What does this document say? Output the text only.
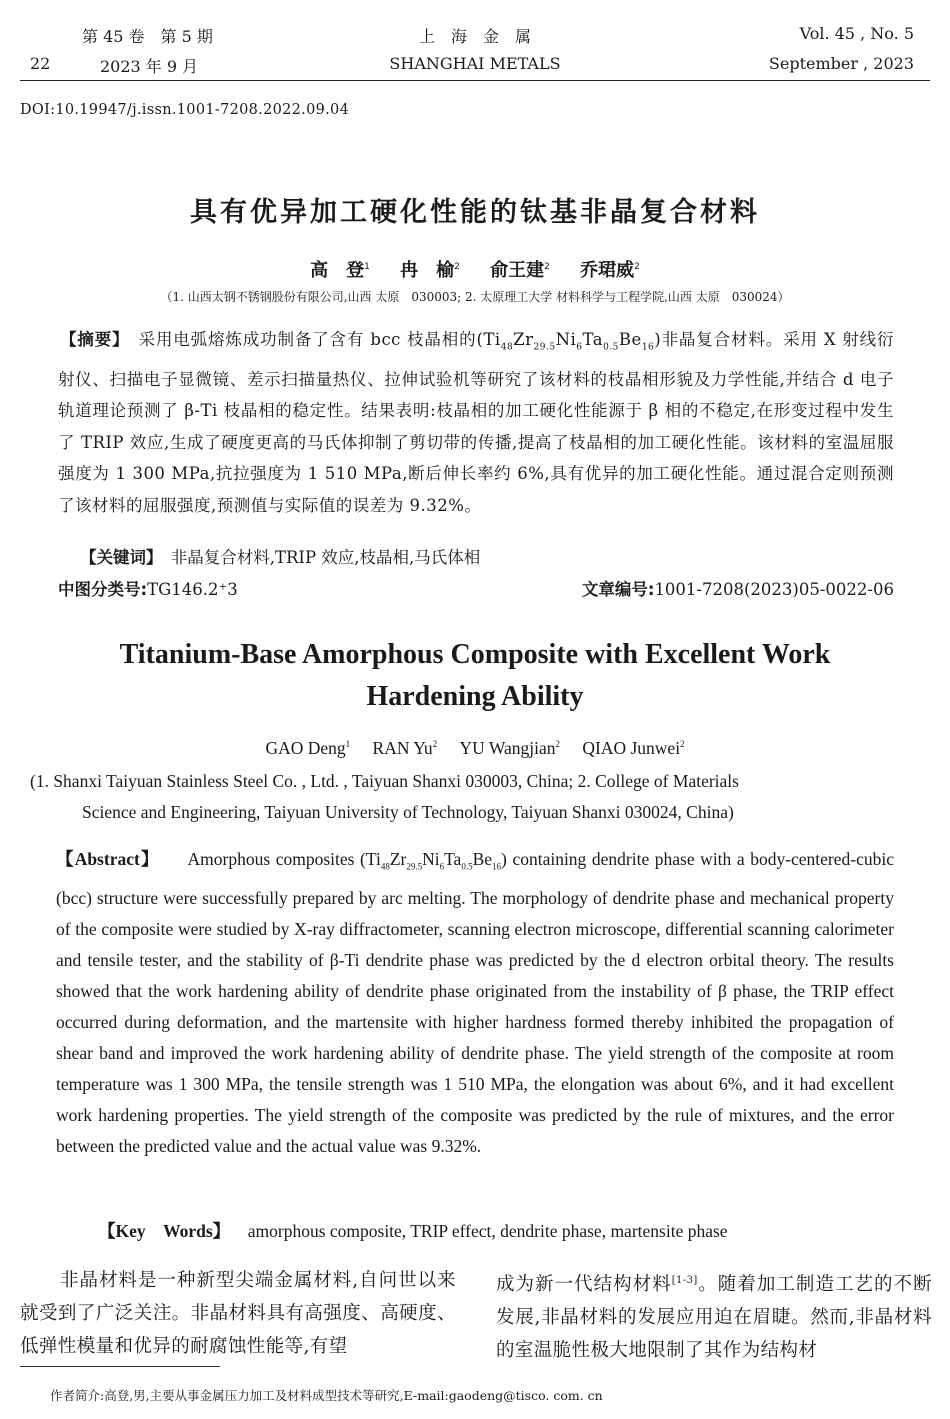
第 45 卷　第 5 期
22	2023 年 9 月
上　海　金　属
SHANGHAI METALS
Vol. 45 , No. 5
September , 2023
DOI:10.19947/j.issn.1001-7208.2022.09.04
具有优异加工硬化性能的钛基非晶复合材料
高　登$^1$ 冉　榆$^2$ 俞王建$^2$ 乔珺威$^2$
（1. 山西太钢不锈钢股份有限公司,山西 太原　030003; 2. 太原理工大学 材料科学与工程学院,山西 太原　030024）
【摘要】　 采用电弧熔炼成功制备了含有 bcc 枝晶相的$(Ti_{48}Zr_{29.5}Ni_6Ta_{0.5}Be_{16})$非晶复合材料。采用 X 射线衍射仪、扫描电子显微镜、差示扫描量热仪、拉伸试验机等研究了该材料的枝晶相形貌及力学性能,并结合 d 电子轨道理论预测了 β-Ti 枝晶相的稳定性。结果表明:枝晶相的加工硬化性能源于 β 相的不稳定,在形变过程中发生了 TRIP 效应,生成了硬度更高的马氏体抑制了剪切带的传播,提高了枝晶相的加工硬化性能。该材料的室温屈服强度为 1 300 MPa,抗拉强度为 1 510 MPa,断后伸长率约 6%,具有优异的加工硬化性能。通过混合定则预测了该材料的屈服强度,预测值与实际值的误差为 9.32%。
【关键词】　 非晶复合材料,TRIP 效应,枝晶相,马氏体相
中图分类号:TG146.2⁺3	文章编号:1001-7208(2023)05-0022-06
Titanium-Base Amorphous Composite with Excellent Work
Hardening Ability
GAO Deng$^1$ RAN Yu$^2$ YU Wangjian$^2$ QIAO Junwei$^2$
(1. Shanxi Taiyuan Stainless Steel Co. , Ltd. , Taiyuan Shanxi 030003, China; 2. College of Materials
Science and Engineering, Taiyuan University of Technology, Taiyuan Shanxi 030024, China)
【Abstract】 Amorphous composites $(Ti_{48}Zr_{29.5}Ni_6Ta_{0.5}Be_{16})$ containing dendrite phase with a body-centered-cubic (bcc) structure were successfully prepared by arc melting. The morphology of dendrite phase and mechanical property of the composite were studied by X-ray diffractometer, scanning electron microscope, differential scanning calorimeter and tensile tester, and the stability of β-Ti dendrite phase was predicted by the d electron orbital theory. The results showed that the work hardening ability of dendrite phase originated from the instability of β phase, the TRIP effect occurred during deformation, and the martensite with higher hardness formed thereby inhibited the propagation of shear band and improved the work hardening ability of dendrite phase. The yield strength of the composite at room temperature was 1 300 MPa, the tensile strength was 1 510 MPa, the elongation was about 6%, and it had excellent work hardening properties. The yield strength of the composite was predicted by the rule of mixtures, and the error between the predicted value and the actual value was 9.32%.
【Key　Words】 amorphous composite, TRIP effect, dendrite phase, martensite phase
非晶材料是一种新型尖端金属材料,自问世以来就受到了广泛关注。非晶材料具有高强度、高硬度、低弹性模量和优异的耐腐蚀性能等,有望
成为新一代结构材料[1-3]。随着加工制造工艺的不断发展,非晶材料的发展应用迫在眉睫。然而,非晶材料的室温脆性极大地限制了其作为结构材
作者简介:高登,男,主要从事金属压力加工及材料成型技术等研究,E-mail:gaodeng@tisco. com. cn
